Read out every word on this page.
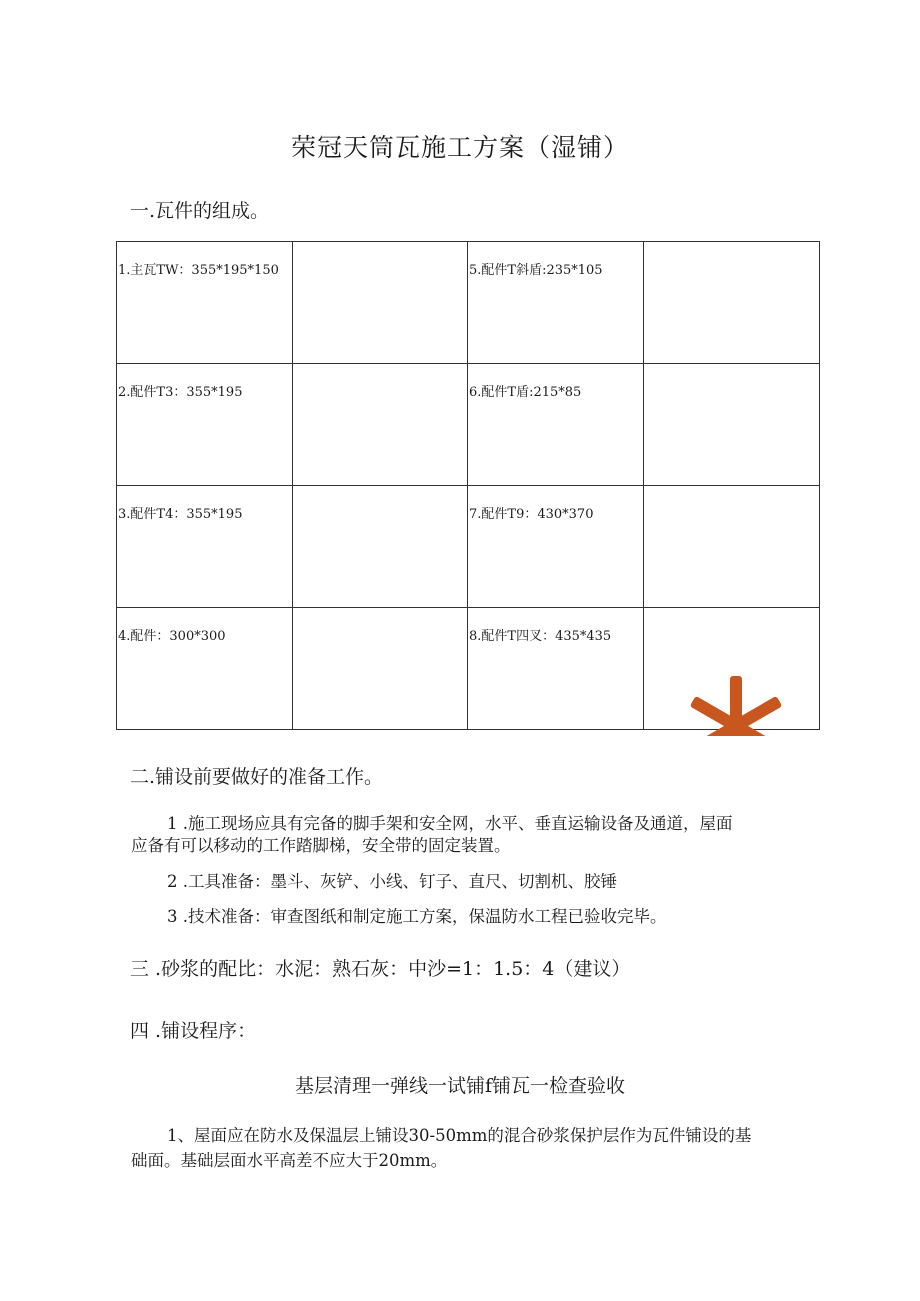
荣冠天筒瓦施工方案（湿铺）
一.瓦件的组成。
1.主瓦TW：355*195*150		5.配件T斜盾:235*105	
2.配件T3：355*195		6.配件T盾:215*85	
3.配件T4：355*195		7.配件T9：430*370	
4.配件：300*300		8.配件T四叉：435*435	
二.铺设前要做好的准备工作。
1 .施工现场应具有完备的脚手架和安全网，水平、垂直运输设备及通道，屋面
应备有可以移动的工作踏脚梯，安全带的固定装置。
2 .工具准备：墨斗、灰铲、小线、钉子、直尺、切割机、胶锤
3 .技术准备：审查图纸和制定施工方案，保温防水工程已验收完毕。
三 .砂浆的配比：水泥：熟石灰：中沙=1：1.5：4（建议）
四 .铺设程序：
基层清理一弹线一试铺f铺瓦一检查验收
1、屋面应在防水及保温层上铺设30-50mm的混合砂浆保护层作为瓦件铺设的基
础面。基础层面水平高差不应大于20mm。
